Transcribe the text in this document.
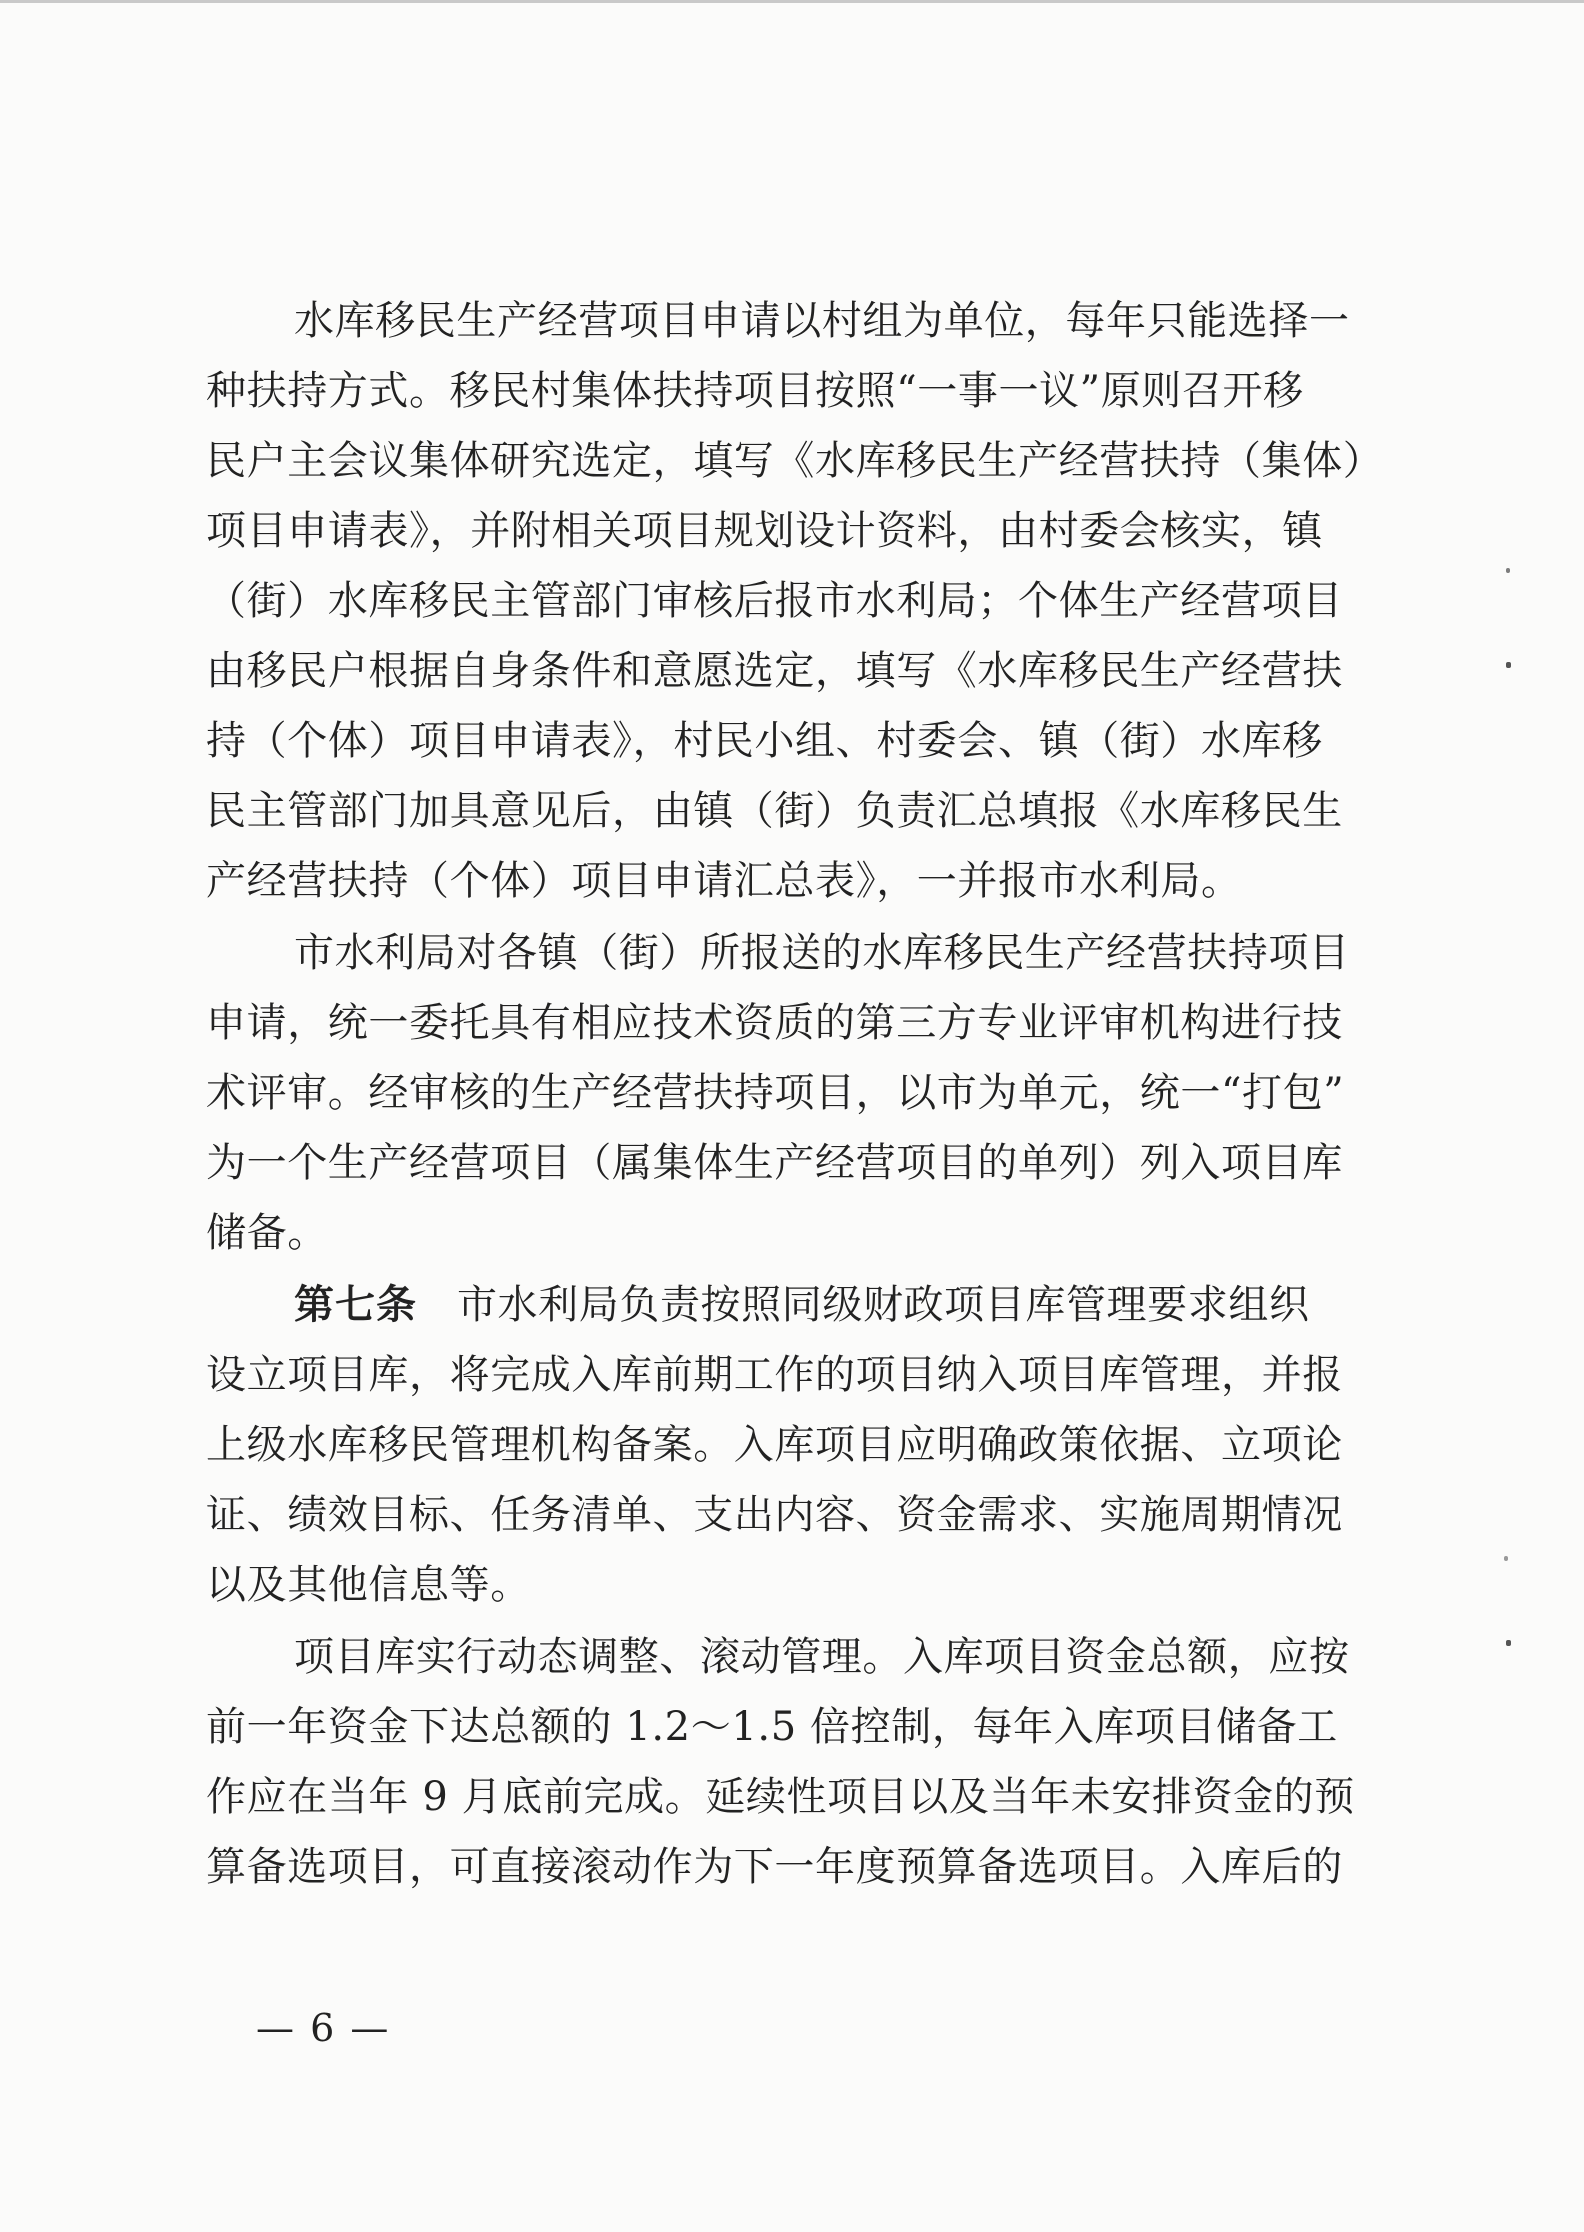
水库移民生产经营项目申请以村组为单位，每年只能选择一
种扶持方式。移民村集体扶持项目按照“一事一议”原则召开移
民户主会议集体研究选定，填写《水库移民生产经营扶持（集体）
项目申请表》，并附相关项目规划设计资料，由村委会核实，镇
（街）水库移民主管部门审核后报市水利局；个体生产经营项目
由移民户根据自身条件和意愿选定，填写《水库移民生产经营扶
持（个体）项目申请表》，村民小组、村委会、镇（街）水库移
民主管部门加具意见后，由镇（街）负责汇总填报《水库移民生
产经营扶持（个体）项目申请汇总表》，一并报市水利局。
市水利局对各镇（街）所报送的水库移民生产经营扶持项目
申请，统一委托具有相应技术资质的第三方专业评审机构进行技
术评审。经审核的生产经营扶持项目，以市为单元，统一“打包”
为一个生产经营项目（属集体生产经营项目的单列）列入项目库
储备。
第七条 市水利局负责按照同级财政项目库管理要求组织
设立项目库，将完成入库前期工作的项目纳入项目库管理，并报
上级水库移民管理机构备案。入库项目应明确政策依据、立项论
证、绩效目标、任务清单、支出内容、资金需求、实施周期情况
以及其他信息等。
项目库实行动态调整、滚动管理。入库项目资金总额，应按
前一年资金下达总额的 1.2～1.5 倍控制，每年入库项目储备工
作应在当年 9 月底前完成。延续性项目以及当年未安排资金的预
算备选项目，可直接滚动作为下一年度预算备选项目。入库后的
— 6 —
